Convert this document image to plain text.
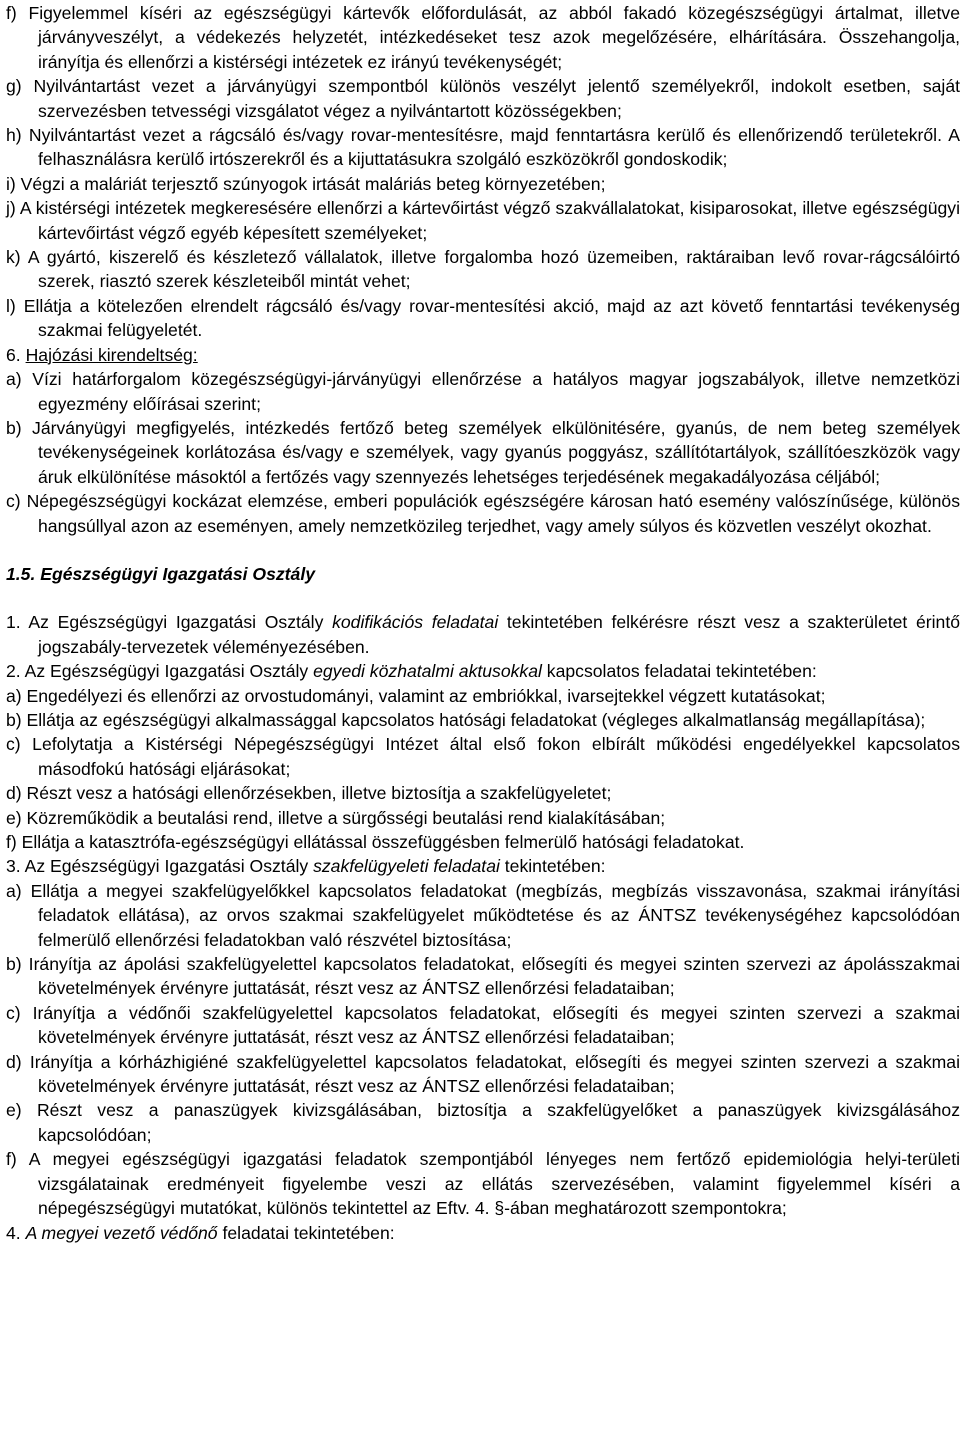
f) Figyelemmel kíséri az egészségügyi kártevők előfordulását, az abból fakadó közegészségügyi ártalmat, illetve járványveszélyt, a védekezés helyzetét, intézkedéseket tesz azok megelőzésére, elhárítására. Összehangolja, irányítja és ellenőrzi a kistérségi intézetek ez irányú tevékenységét;

g) Nyilvántartást vezet a járványügyi szempontból különös veszélyt jelentő személyekről, indokolt esetben, saját szervezésben tetvességi vizsgálatot végez a nyilvántartott közösségekben;

h) Nyilvántartást vezet a rágcsáló és/vagy rovar-mentesítésre, majd fenntartásra kerülő és ellenőrizendő területekről. A felhasználásra kerülő irtószerekről és a kijuttatásukra szolgáló eszközökről gondoskodik;

i) Végzi a maláriát terjesztő szúnyogok irtását maláriás beteg környezetében;

j) A kistérségi intézetek megkeresésére ellenőrzi a kártevőirtást végző szakvállalatokat, kisiparosokat, illetve egészségügyi kártevőirtást végző egyéb képesített személyeket;

k) A gyártó, kiszerelő és készletező vállalatok, illetve forgalomba hozó üzemeiben, raktáraiban levő rovar-rágcsálóirtó szerek, riasztó szerek készleteiből mintát vehet;

l) Ellátja a kötelezően elrendelt rágcsáló és/vagy rovar-mentesítési akció, majd az azt követő fenntartási tevékenység szakmai felügyeletét.

6. Hajózási kirendeltség:

a) Vízi határforgalom közegészségügyi-járványügyi ellenőrzése a hatályos magyar jogszabályok, illetve nemzetközi egyezmény előírásai szerint;

b) Járványügyi megfigyelés, intézkedés fertőző beteg személyek elkülönitésére, gyanús, de nem beteg személyek tevékenységeinek korlátozása és/vagy e személyek, vagy gyanús poggyász, szállítótartályok, szállítóeszközök vagy áruk elkülönítése másoktól a fertőzés vagy szennyezés lehetséges terjedésének megakadályozása céljából;

c) Népegészségügyi kockázat elemzése, emberi populációk egészségére károsan ható esemény valószínűsége, különös hangsúllyal azon az eseményen, amely nemzetközileg terjedhet, vagy amely súlyos és közvetlen veszélyt okozhat.

1.5. Egészségügyi Igazgatási Osztály

1. Az Egészségügyi Igazgatási Osztály kodifikációs feladatai tekintetében felkérésre részt vesz a szakterületet érintő jogszabály-tervezetek véleményezésében.

2. Az Egészségügyi Igazgatási Osztály egyedi közhatalmi aktusokkal kapcsolatos feladatai tekintetében:

a) Engedélyezi és ellenőrzi az orvostudományi, valamint az embriókkal, ivarsejtekkel végzett kutatásokat;

b) Ellátja az egészségügyi alkalmassággal kapcsolatos hatósági feladatokat (végleges alkalmatlanság megállapítása);

c) Lefolytatja a Kistérségi Népegészségügyi Intézet által első fokon elbírált működési engedélyekkel kapcsolatos másodfokú hatósági eljárásokat;

d) Részt vesz a hatósági ellenőrzésekben, illetve biztosítja a szakfelügyeletet;

e) Közreműködik a beutalási rend, illetve a sürgősségi beutalási rend kialakításában;

f) Ellátja a katasztrófa-egészségügyi ellátással összefüggésben felmerülő hatósági feladatokat.

3. Az Egészségügyi Igazgatási Osztály szakfelügyeleti feladatai tekintetében:

a) Ellátja a megyei szakfelügyelőkkel kapcsolatos feladatokat (megbízás, megbízás visszavonása, szakmai irányítási feladatok ellátása), az orvos szakmai szakfelügyelet működtetése és az ÁNTSZ tevékenységéhez kapcsolódóan felmerülő ellenőrzési feladatokban való részvétel biztosítása;

b) Irányítja az ápolási szakfelügyelettel kapcsolatos feladatokat, elősegíti és megyei szinten szervezi az ápolásszakmai követelmények érvényre juttatását, részt vesz az ÁNTSZ ellenőrzési feladataiban;

c) Irányítja a védőnői szakfelügyelettel kapcsolatos feladatokat, elősegíti és megyei szinten szervezi a szakmai követelmények érvényre juttatását, részt vesz az ÁNTSZ ellenőrzési feladataiban;

d) Irányítja a kórházhigiéné szakfelügyelettel kapcsolatos feladatokat, elősegíti és megyei szinten szervezi a szakmai követelmények érvényre juttatását, részt vesz az ÁNTSZ ellenőrzési feladataiban;

e) Részt vesz a panaszügyek kivizsgálásában, biztosítja a szakfelügyelőket a panaszügyek kivizsgálásához kapcsolódóan;

f) A megyei egészségügyi igazgatási feladatok szempontjából lényeges nem fertőző epidemiológia helyi-területi vizsgálatainak eredményeit figyelembe veszi az ellátás szervezésében, valamint figyelemmel kíséri a népegészségügyi mutatókat, különös tekintettel az Eftv. 4. §-ában meghatározott szempontokra;

4. A megyei vezető védőnő feladatai tekintetében:
